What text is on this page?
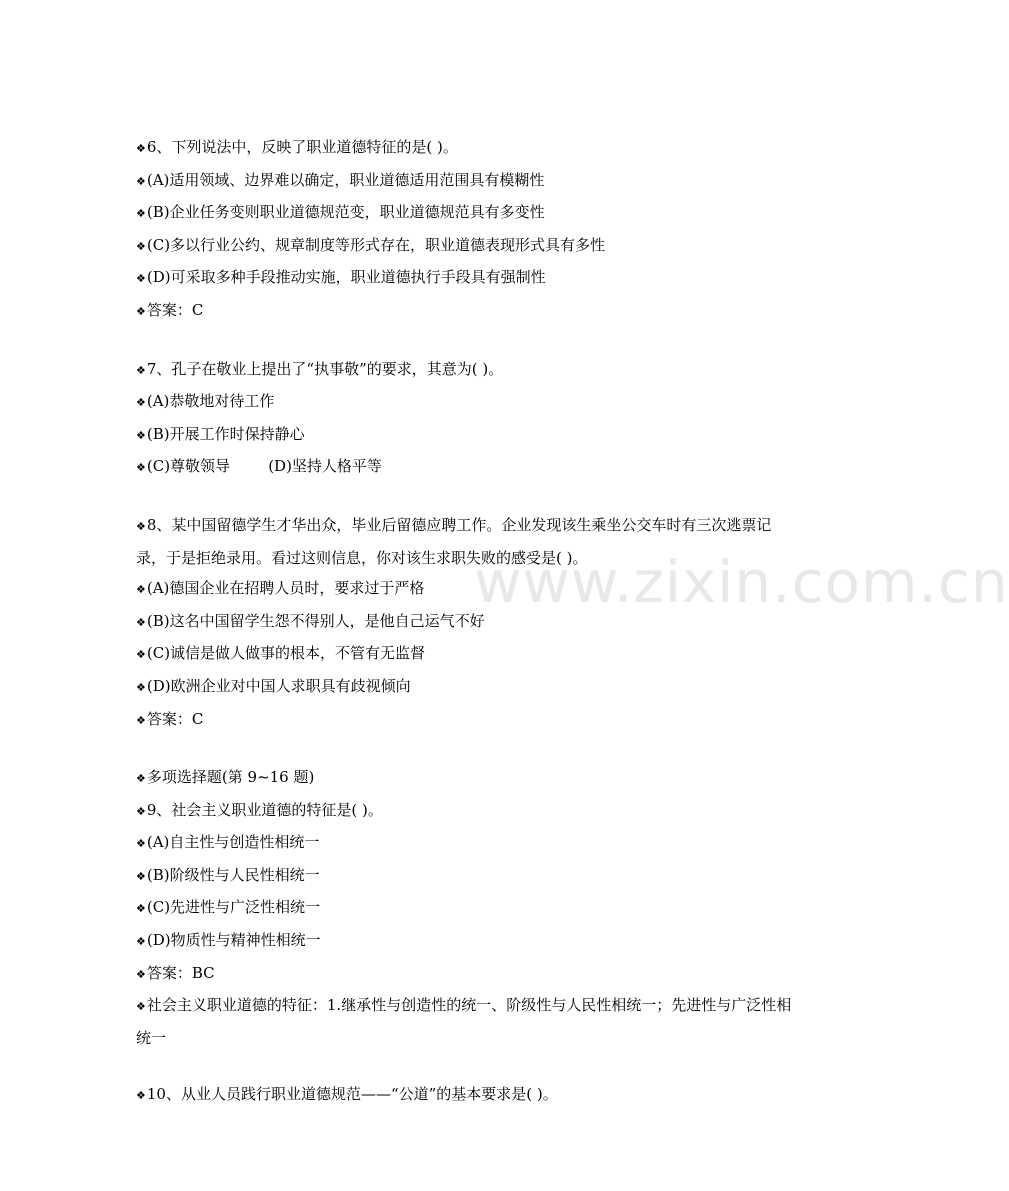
www.zixin.com.cn
❖6、下列说法中，反映了职业道德特征的是( )。
❖(A)适用领域、边界难以确定，职业道德适用范围具有模糊性
❖(B)企业任务变则职业道德规范变，职业道德规范具有多变性
❖(C)多以行业公约、规章制度等形式存在，职业道德表现形式具有多性
❖(D)可采取多种手段推动实施，职业道德执行手段具有强制性
❖答案：C
❖7、孔子在敬业上提出了“执事敬”的要求，其意为( )。
❖(A)恭敬地对待工作
❖(B)开展工作时保持静心
❖(C)尊敬领导        (D)坚持人格平等
❖8、某中国留德学生才华出众，毕业后留德应聘工作。企业发现该生乘坐公交车时有三次逃票记录，于是拒绝录用。看过这则信息，你对该生求职失败的感受是( )。
❖(A)德国企业在招聘人员时，要求过于严格
❖(B)这名中国留学生怨不得别人，是他自己运气不好
❖(C)诚信是做人做事的根本，不管有无监督
❖(D)欧洲企业对中国人求职具有歧视倾向
❖答案：C
❖多项选择题(第 9~16 题)
❖9、社会主义职业道德的特征是( )。
❖(A)自主性与创造性相统一
❖(B)阶级性与人民性相统一
❖(C)先进性与广泛性相统一
❖(D)物质性与精神性相统一
❖答案：BC
❖社会主义职业道德的特征：1.继承性与创造性的统一、阶级性与人民性相统一；先进性与广泛性相统一
❖10、从业人员践行职业道德规范——“公道”的基本要求是( )。
